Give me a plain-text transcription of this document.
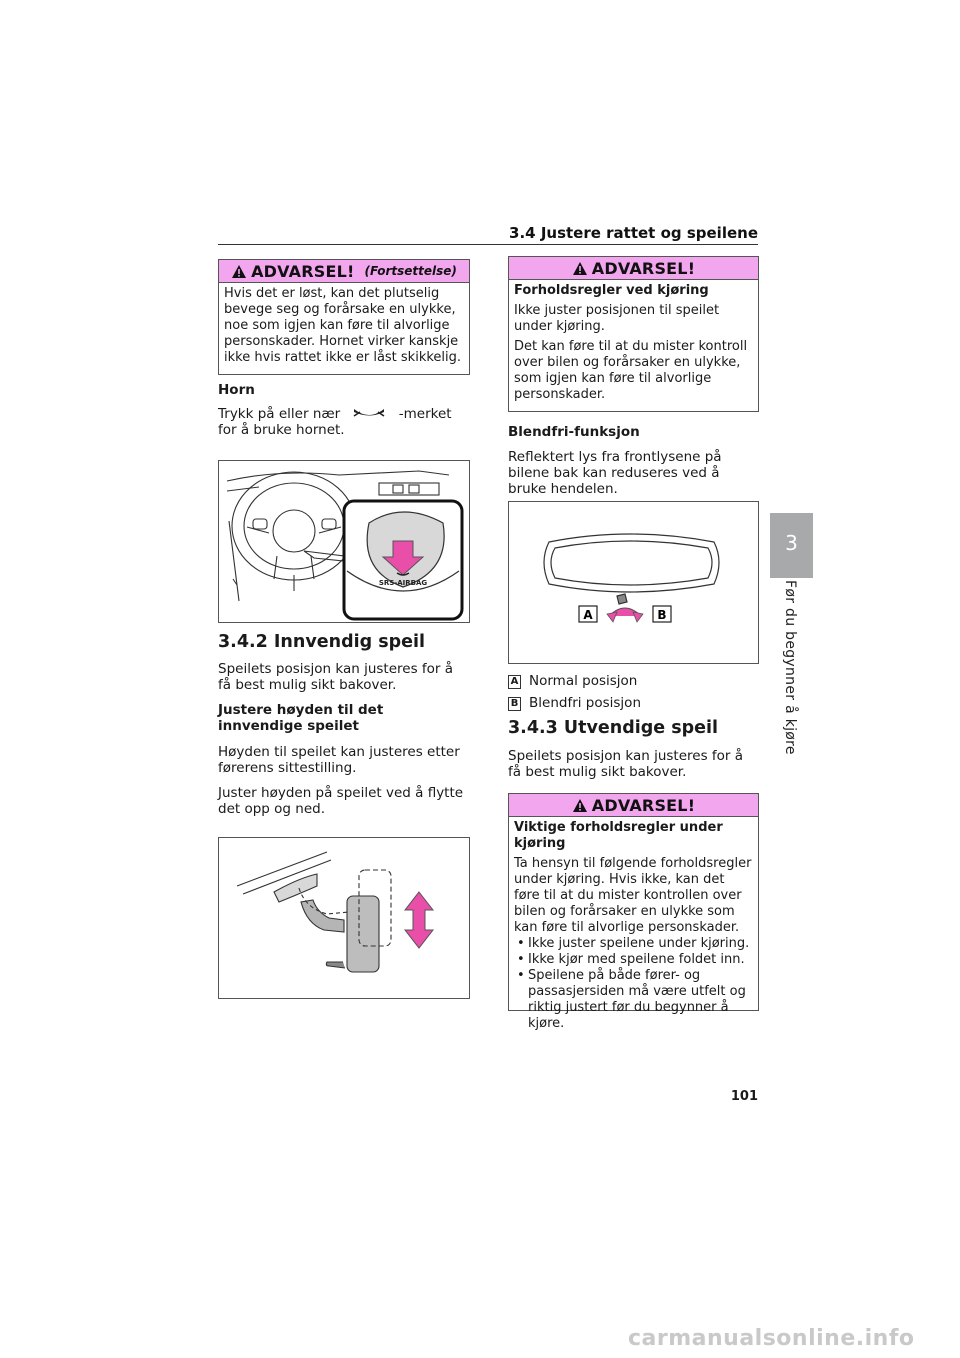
3.4 Justere rattet og speilene
3
Før du begynner å kjøre
ADVARSEL! (Fortsettelse)

Hvis det er løst, kan det plutselig bevege seg og forårsake en ulykke, noe som igjen kan føre til alvorlige personskader. Hornet virker kanskje ikke hvis rattet ikke er låst skikkelig.

Horn
Trykk på eller nær	-merket for å bruke hornet.
SRS-AIRBAG
3.4.2 Innvendig speil
Speilets posisjon kan justeres for å få best mulig sikt bakover.
Justere høyden til det innvendige speilet
Høyden til speilet kan justeres etter førerens sittestilling.
Juster høyden på speilet ved å flytte det opp og ned.
ADVARSEL!

Forholdsregler ved kjøring

Ikke juster posisjonen til speilet under kjøring.

Det kan føre til at du mister kontroll over bilen og forårsaker en ulykke, som igjen kan føre til alvorlige personskader.

Blendfri-funksjon
Reflektert lys fra frontlysene på bilene bak kan reduseres ved å bruke hendelen.
A	B
A Normal posisjon
B Blendfri posisjon
3.4.3 Utvendige speil
Speilets posisjon kan justeres for å få best mulig sikt bakover.
ADVARSEL!

Viktige forholdsregler under kjøring

Ta hensyn til følgende forholdsregler under kjøring. Hvis ikke, kan det føre til at du mister kontrollen over bilen og forårsaker en ulykke som kan føre til alvorlige personskader.

• Ikke juster speilene under kjøring.
• Ikke kjør med speilene foldet inn.
• Speilene på både fører- og passasjersiden må være utfelt og riktig justert før du begynner å kjøre.
101
carmanualsonline.info
